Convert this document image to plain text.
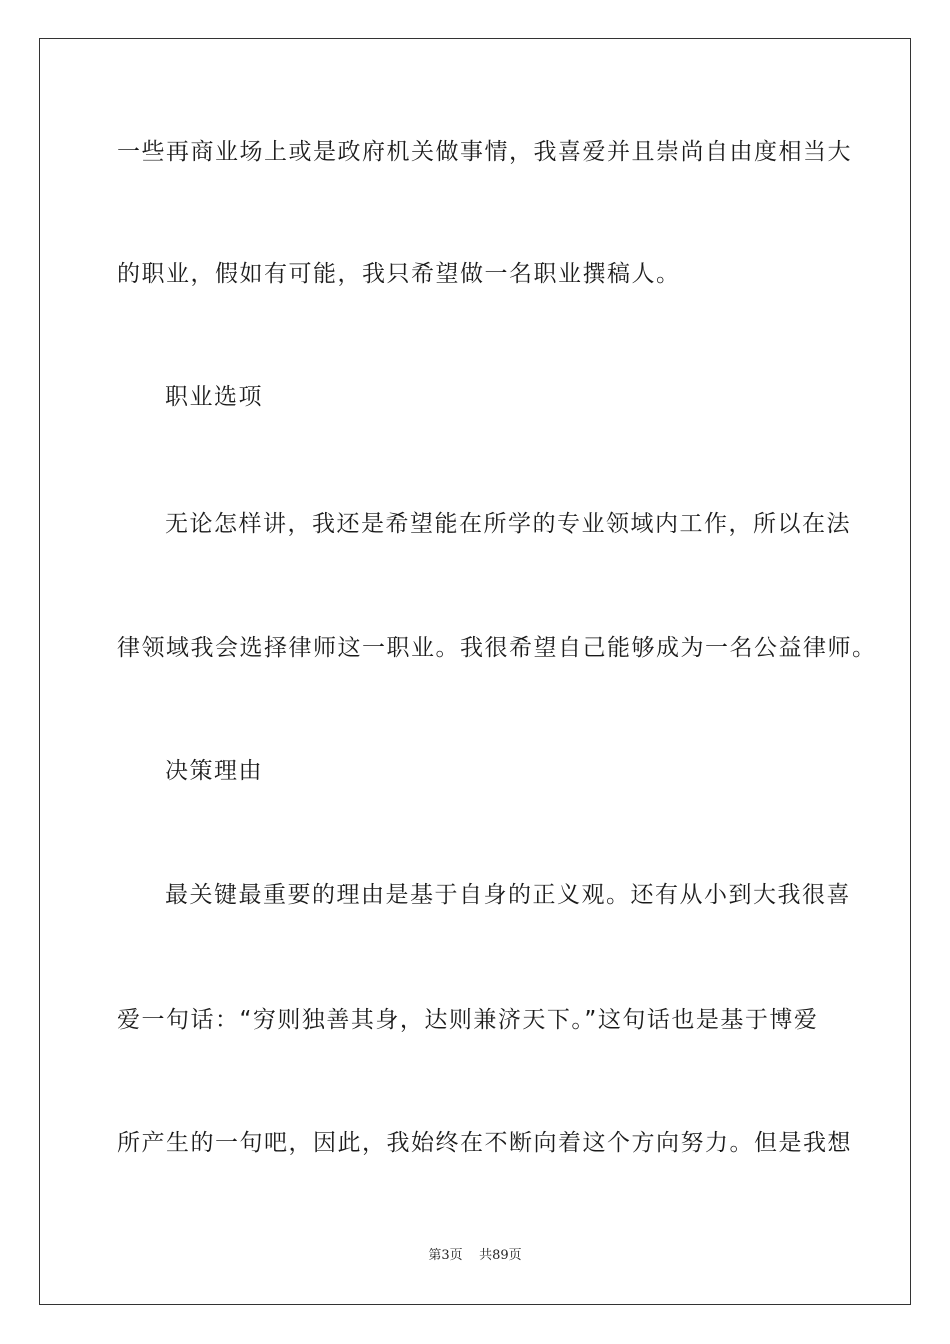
一些再商业场上或是政府机关做事情，我喜爱并且崇尚自由度相当大
的职业，假如有可能，我只希望做一名职业撰稿人。
职业选项
无论怎样讲，我还是希望能在所学的专业领域内工作，所以在法
律领域我会选择律师这一职业。我很希望自己能够成为一名公益律师。
决策理由
最关键最重要的理由是基于自身的正义观。还有从小到大我很喜
爱一句话：“穷则独善其身，达则兼济天下。”这句话也是基于博爱
所产生的一句吧，因此，我始终在不断向着这个方向努力。但是我想
第3页 共89页
